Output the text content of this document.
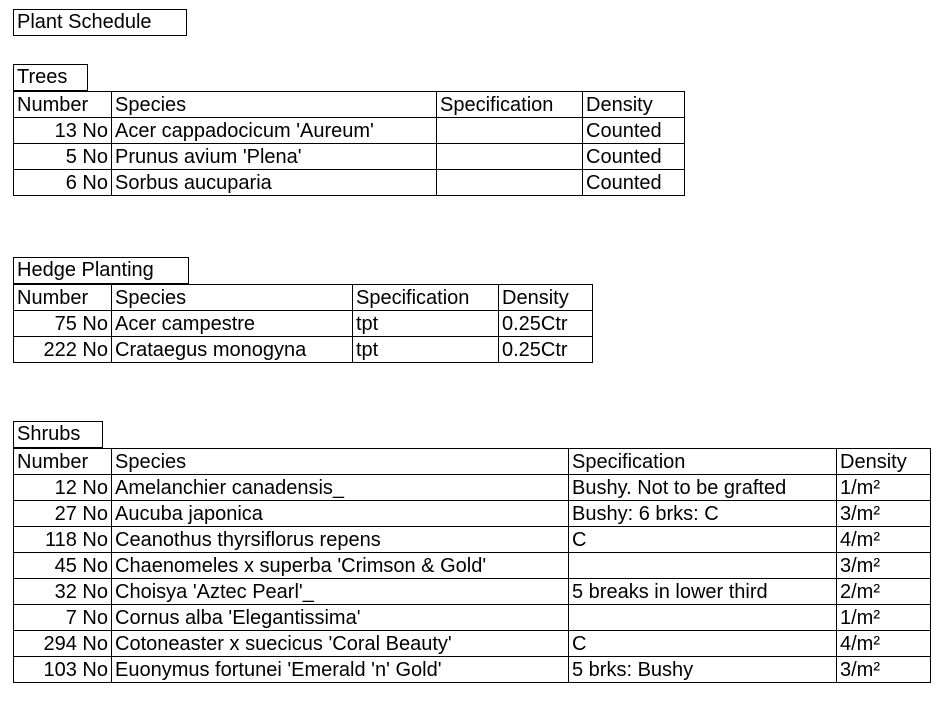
Plant Schedule
Trees
Number	Species	Specification	Density
13 No	Acer cappadocicum 'Aureum'		Counted
5 No	Prunus avium 'Plena'		Counted
6 No	Sorbus aucuparia		Counted
Hedge Planting
Number	Species	Specification	Density
75 No	Acer campestre	tpt	0.25Ctr
222 No	Crataegus monogyna	tpt	0.25Ctr
Shrubs
Number	Species	Specification	Density
12 No	Amelanchier canadensis_	Bushy. Not to be grafted	1/m²
27 No	Aucuba japonica	Bushy: 6 brks: C	3/m²
118 No	Ceanothus thyrsiflorus repens	C	4/m²
45 No	Chaenomeles x superba 'Crimson & Gold'		3/m²
32 No	Choisya 'Aztec Pearl'_	5 breaks in lower third	2/m²
7 No	Cornus alba 'Elegantissima'		1/m²
294 No	Cotoneaster x suecicus 'Coral Beauty'	C	4/m²
103 No	Euonymus fortunei 'Emerald 'n' Gold'	5 brks: Bushy	3/m²
